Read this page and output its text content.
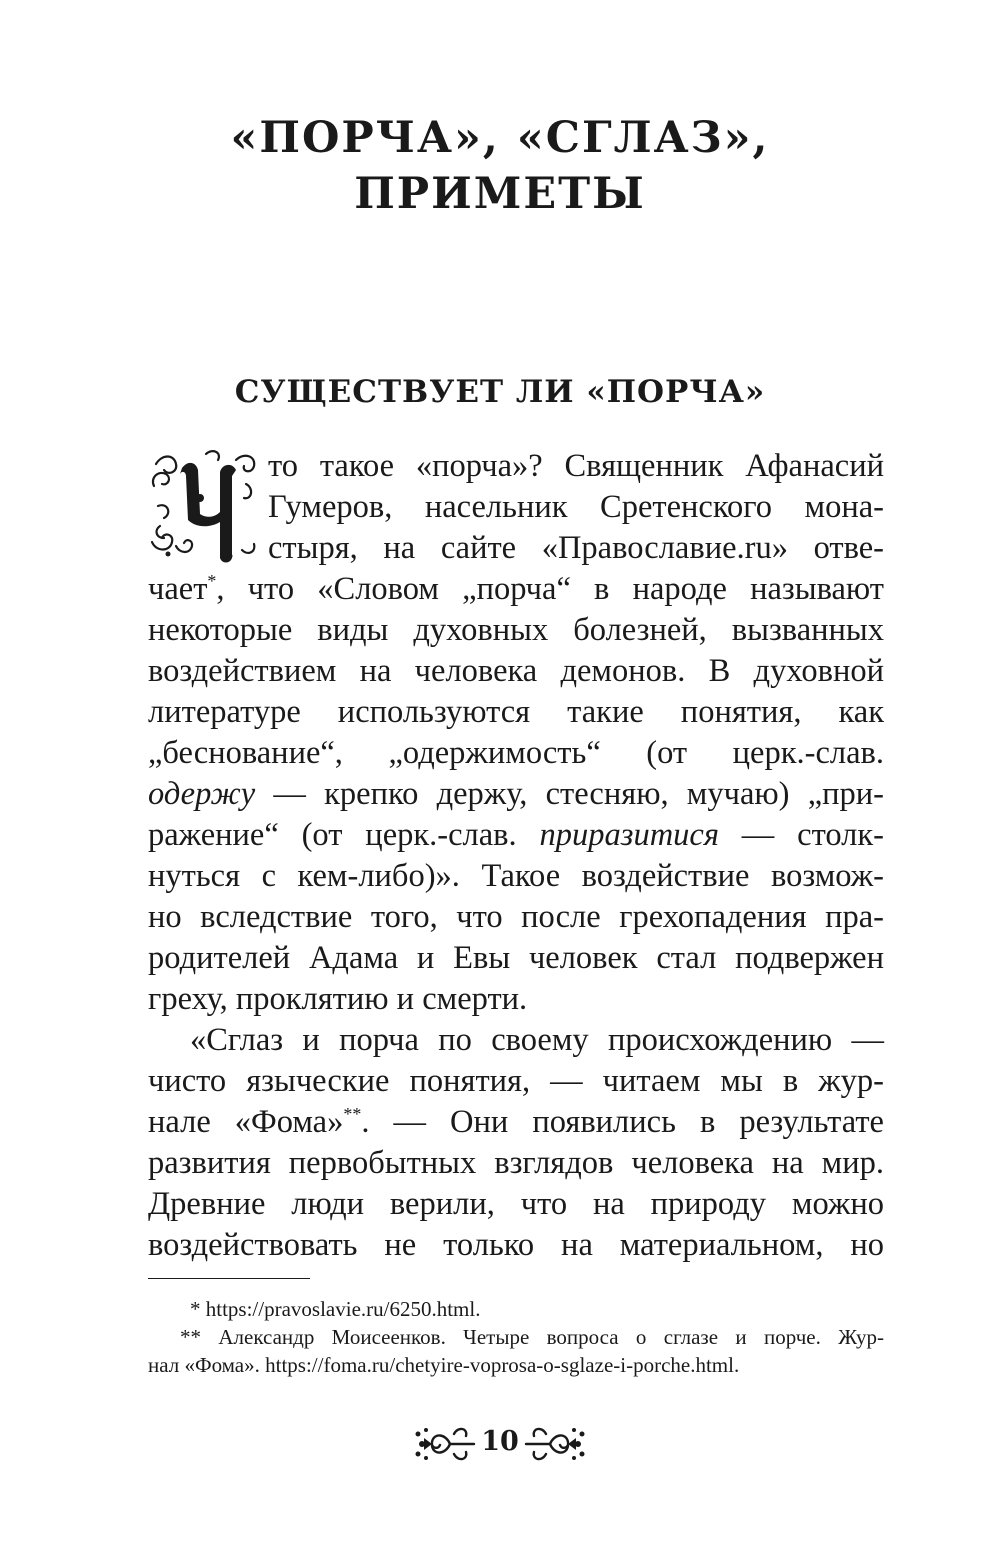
«ПОРЧА», «СГЛАЗ»,
ПРИМЕТЫ
СУЩЕСТВУЕТ ЛИ «ПОРЧА»
Ч
то такое «порча»? Священник Афанасий
Гумеров, насельник Сретенского мона-
стыря, на сайте «Православие.ru» отве-
чает*, что «Словом „порча“ в народе называют
некоторые виды духовных болезней, вызванных
воздействием на человека демонов. В духовной
литературе используются такие понятия, как
„беснование“, „одержимость“ (от церк.-слав.
одержу — крепко держу, стесняю, мучаю) „при-
ражение“ (от церк.-слав. приразитися — столк-
нуться с кем-либо)». Такое воздействие возмож-
но вследствие того, что после грехопадения пра-
родителей Адама и Евы человек стал подвержен
греху, проклятию и смерти.
«Сглаз и порча по своему происхождению —
чисто языческие понятия, — читаем мы в жур-
нале «Фома»**. — Они появились в результате
развития первобытных взглядов человека на мир.
Древние люди верили, что на природу можно
воздействовать не только на материальном, но
* https://pravoslavie.ru/6250.html.
** Александр Моисеенков. Четыре вопроса о сглазе и порче. Жур-
нал «Фома». https://foma.ru/chetyire-voprosa-o-sglaze-i-porche.html.
10
